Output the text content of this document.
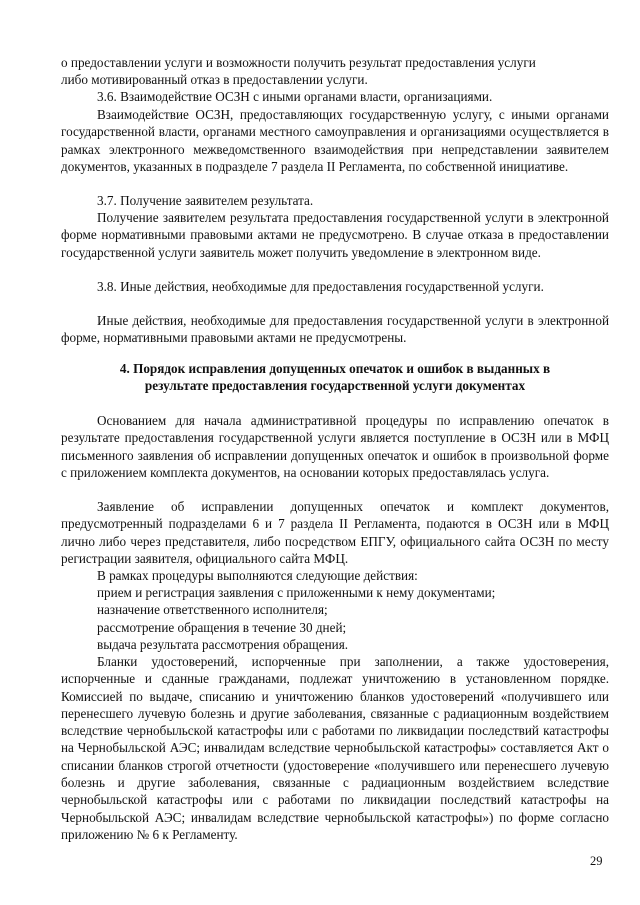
о предоставлении услуги и возможности получить результат предоставления услуги
либо мотивированный отказ в предоставлении услуги.

3.6. Взаимодействие ОСЗН с иными органами власти, организациями.

Взаимодействие ОСЗН, предоставляющих государственную услугу, с иными органами государственной власти, органами местного самоуправления и организациями осуществляется в рамках электронного межведомственного взаимодействия при непредставлении заявителем документов, указанных в подразделе 7 раздела II Регламента, по собственной инициативе.

3.7. Получение заявителем результата.

Получение заявителем результата предоставления государственной услуги в электронной форме нормативными правовыми актами не предусмотрено. В случае отказа в предоставлении государственной услуги заявитель может получить уведомление в электронном виде.

3.8. Иные действия, необходимые для предоставления государственной услуги.

Иные действия, необходимые для предоставления государственной услуги в электронной форме, нормативными правовыми актами не предусмотрены.

4. Порядок исправления допущенных опечаток и ошибок в выданных в
результате предоставления государственной услуги документах

Основанием для начала административной процедуры по исправлению опечаток в результате предоставления государственной услуги является поступление в ОСЗН или в МФЦ письменного заявления об исправлении допущенных опечаток и ошибок в произвольной форме с приложением комплекта документов, на основании которых предоставлялась услуга.

Заявление об исправлении допущенных опечаток и комплект документов, предусмотренный подразделами 6 и 7 раздела II Регламента, подаются в ОСЗН или в МФЦ лично либо через представителя, либо посредством ЕПГУ, официального сайта ОСЗН по месту регистрации заявителя, официального сайта МФЦ.

В рамках процедуры выполняются следующие действия:

прием и регистрация заявления с приложенными к нему документами;
назначение ответственного исполнителя;
рассмотрение обращения в течение 30 дней;
выдача результата рассмотрения обращения.

Бланки удостоверений, испорченные при заполнении, а также удостоверения, испорченные и сданные гражданами, подлежат уничтожению в установленном порядке. Комиссией по выдаче, списанию и уничтожению бланков удостоверений «получившего или перенесшего лучевую болезнь и другие заболевания, связанные с радиационным воздействием вследствие чернобыльской катастрофы или с работами по ликвидации последствий катастрофы на Чернобыльской АЭС; инвалидам вследствие чернобыльской катастрофы» составляется Акт о списании бланков строгой отчетности (удостоверение «получившего или перенесшего лучевую болезнь и другие заболевания, связанные с радиационным воздействием вследствие чернобыльской катастрофы или с работами по ликвидации последствий катастрофы на Чернобыльской АЭС; инвалидам вследствие чернобыльской катастрофы») по форме согласно приложению № 6 к Регламенту.

29
